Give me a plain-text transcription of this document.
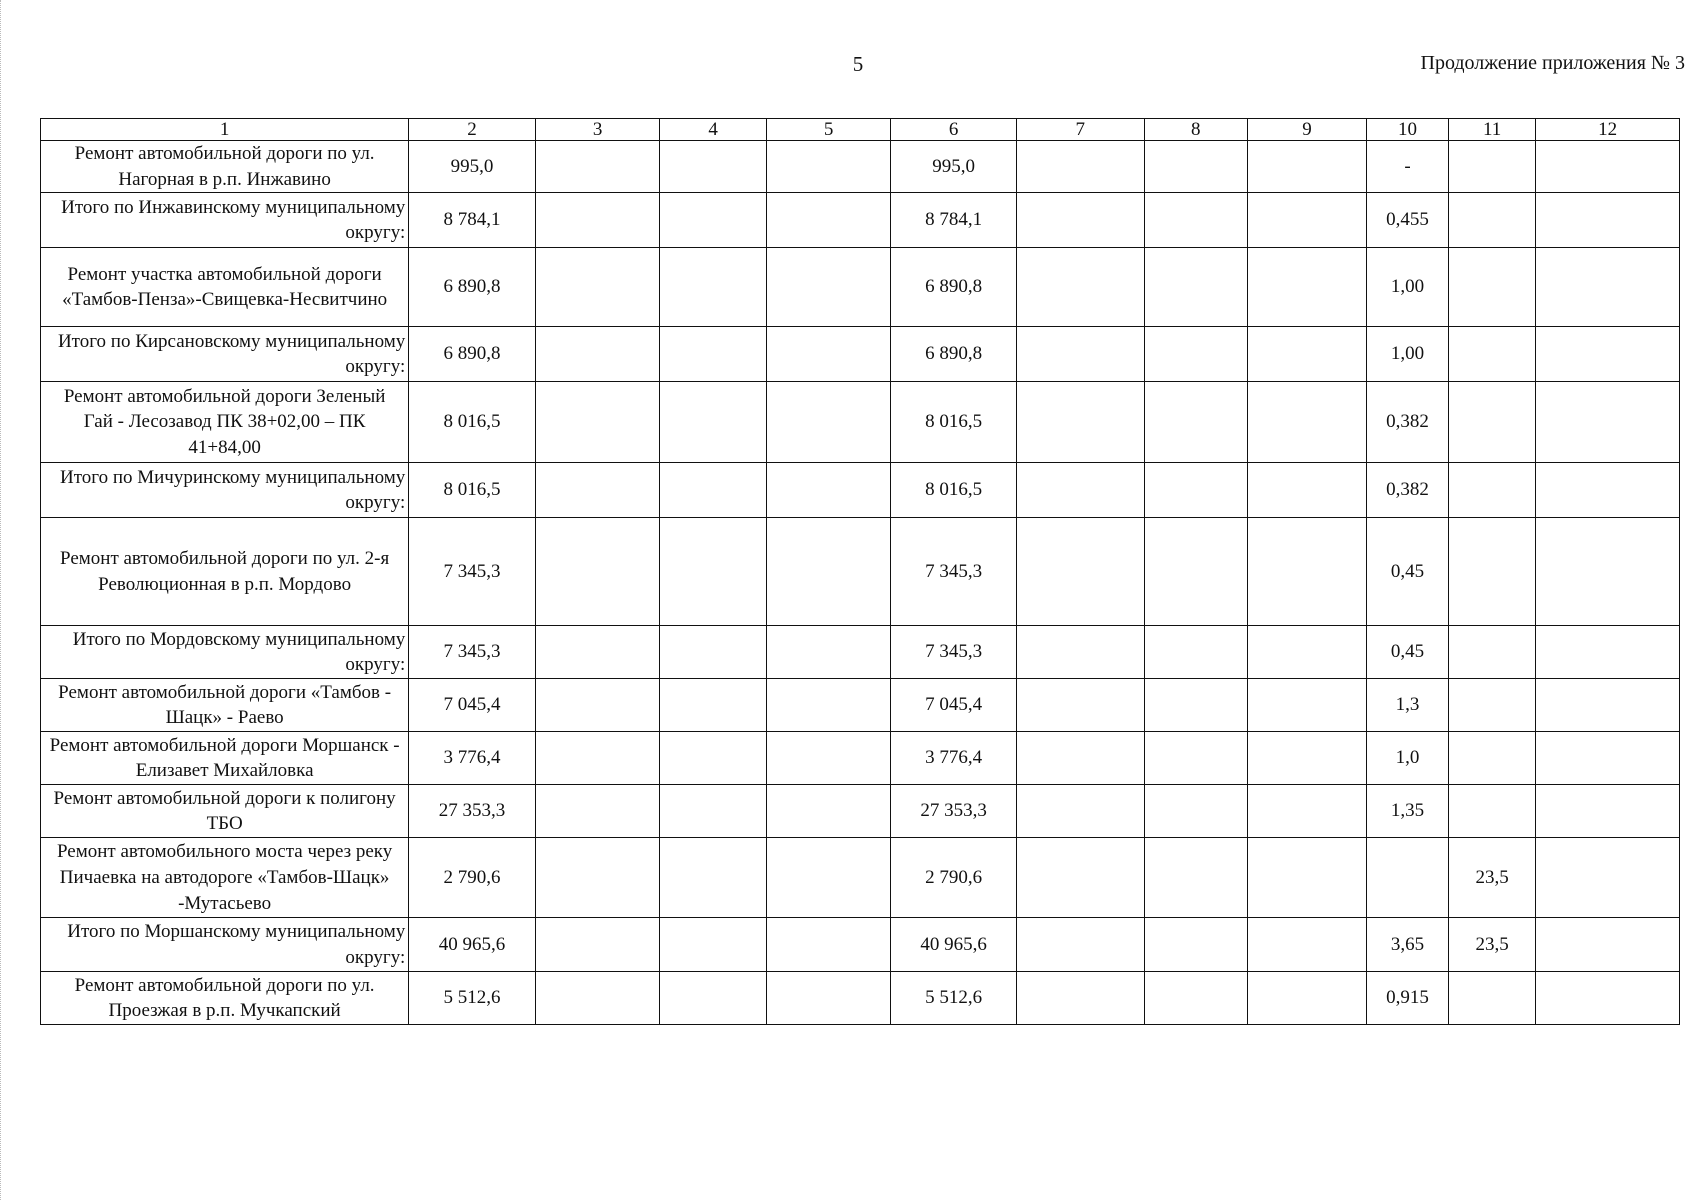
5	Продолжение приложения № 3
1	2	3	4	5	6	7	8	9	10	11	12
Ремонт автомобильной дороги по ул. Нагорная в р.п. Инжавино	995,0				995,0				-		
Итого по Инжавинскому муниципальному округу:	8 784,1				8 784,1				0,455		
Ремонт участка автомобильной дороги «Тамбов-Пенза»-Свищевка-Несвитчино	6 890,8				6 890,8				1,00		
Итого по Кирсановскому муниципальному округу:	6 890,8				6 890,8				1,00		
Ремонт автомобильной дороги Зеленый Гай - Лесозавод ПК 38+02,00 – ПК 41+84,00	8 016,5				8 016,5				0,382		
Итого по Мичуринскому муниципальному округу:	8 016,5				8 016,5				0,382		
Ремонт автомобильной дороги по ул. 2-я Революционная в р.п. Мордово	7 345,3				7 345,3				0,45		
Итого по Мордовскому муниципальному округу:	7 345,3				7 345,3				0,45		
Ремонт автомобильной дороги «Тамбов - Шацк» - Раево	7 045,4				7 045,4				1,3		
Ремонт автомобильной дороги Моршанск - Елизавет Михайловка	3 776,4				3 776,4				1,0		
Ремонт автомобильной дороги к полигону ТБО	27 353,3				27 353,3				1,35		
Ремонт автомобильного моста через реку Пичаевка на автодороге «Тамбов-Шацк» -Мутасьево	2 790,6				2 790,6					23,5	
Итого по Моршанскому муниципальному округу:	40 965,6				40 965,6				3,65	23,5	
Ремонт автомобильной дороги по ул. Проезжая в р.п. Мучкапский	5 512,6				5 512,6				0,915		
